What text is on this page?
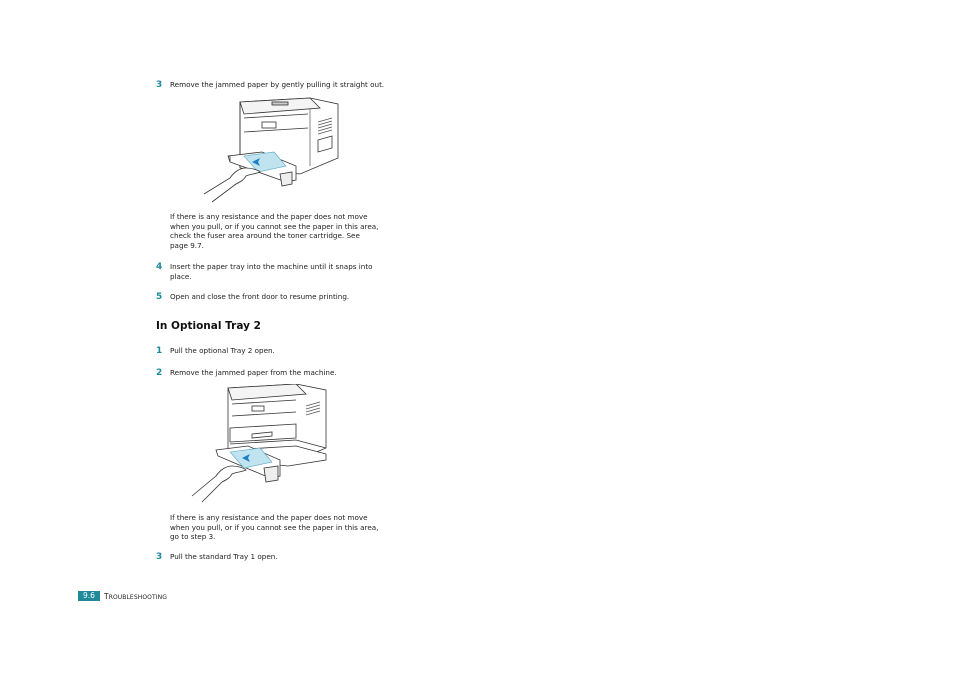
3	Remove the jammed paper by gently pulling it straight out.
If there is any resistance and the paper does not move
when you pull, or if you cannot see the paper in this area,
check the fuser area around the toner cartridge. See
page 9.7.
4	Insert the paper tray into the machine until it snaps into
place.
5	Open and close the front door to resume printing.
In Optional Tray 2
1	Pull the optional Tray 2 open.
2	Remove the jammed paper from the machine.
If there is any resistance and the paper does not move
when you pull, or if you cannot see the paper in this area,
go to step 3.
3	Pull the standard Tray 1 open.
9.6	TROUBLESHOOTING
